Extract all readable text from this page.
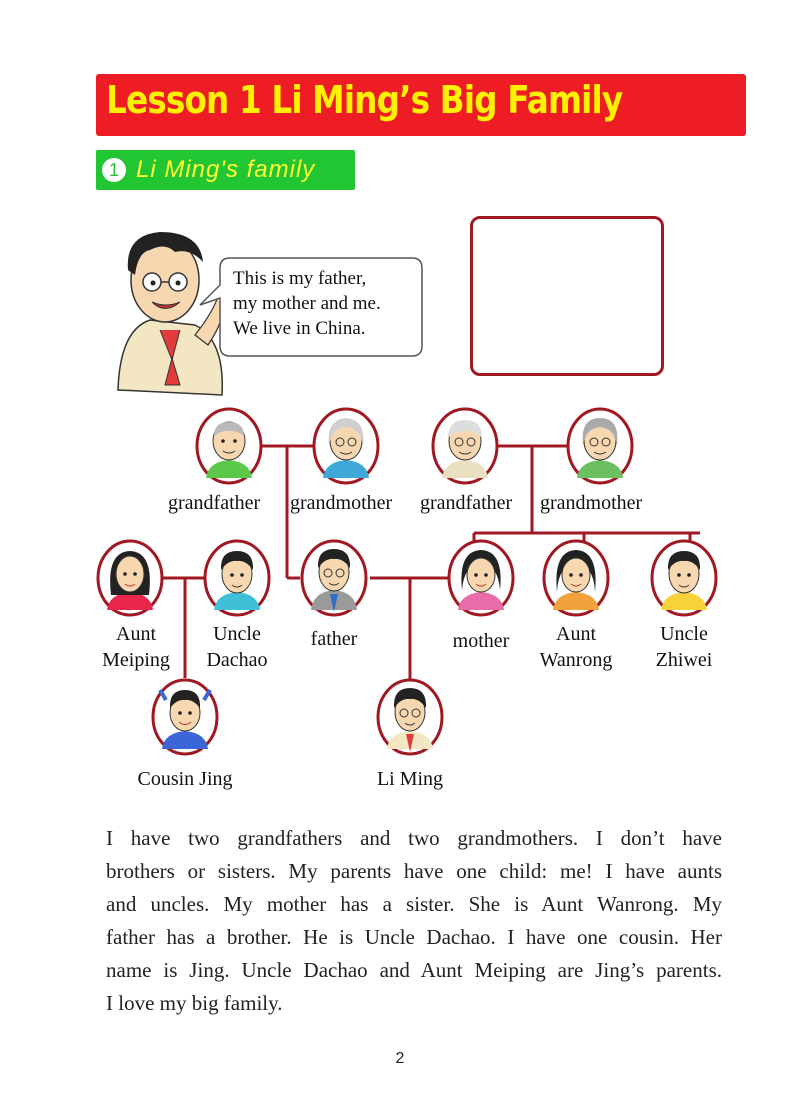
Lesson 1 Li Ming’s Big Family
1 Li Ming's family
This is my father,
my mother and me.
We live in China.
grandfather grandmother grandfather grandmother
Aunt
Meiping
Uncle
Dachao
father	mother	Aunt
Wanrong
Uncle
Zhiwei
Cousin Jing	Li Ming
I have two grandfathers and two grandmothers. I don’t have
brothers or sisters. My parents have one child: me! I have aunts
and uncles. My mother has a sister. She is Aunt Wanrong. My
father has a brother. He is Uncle Dachao. I have one cousin. Her
name is Jing. Uncle Dachao and Aunt Meiping are Jing’s parents.
I love my big family.
2
